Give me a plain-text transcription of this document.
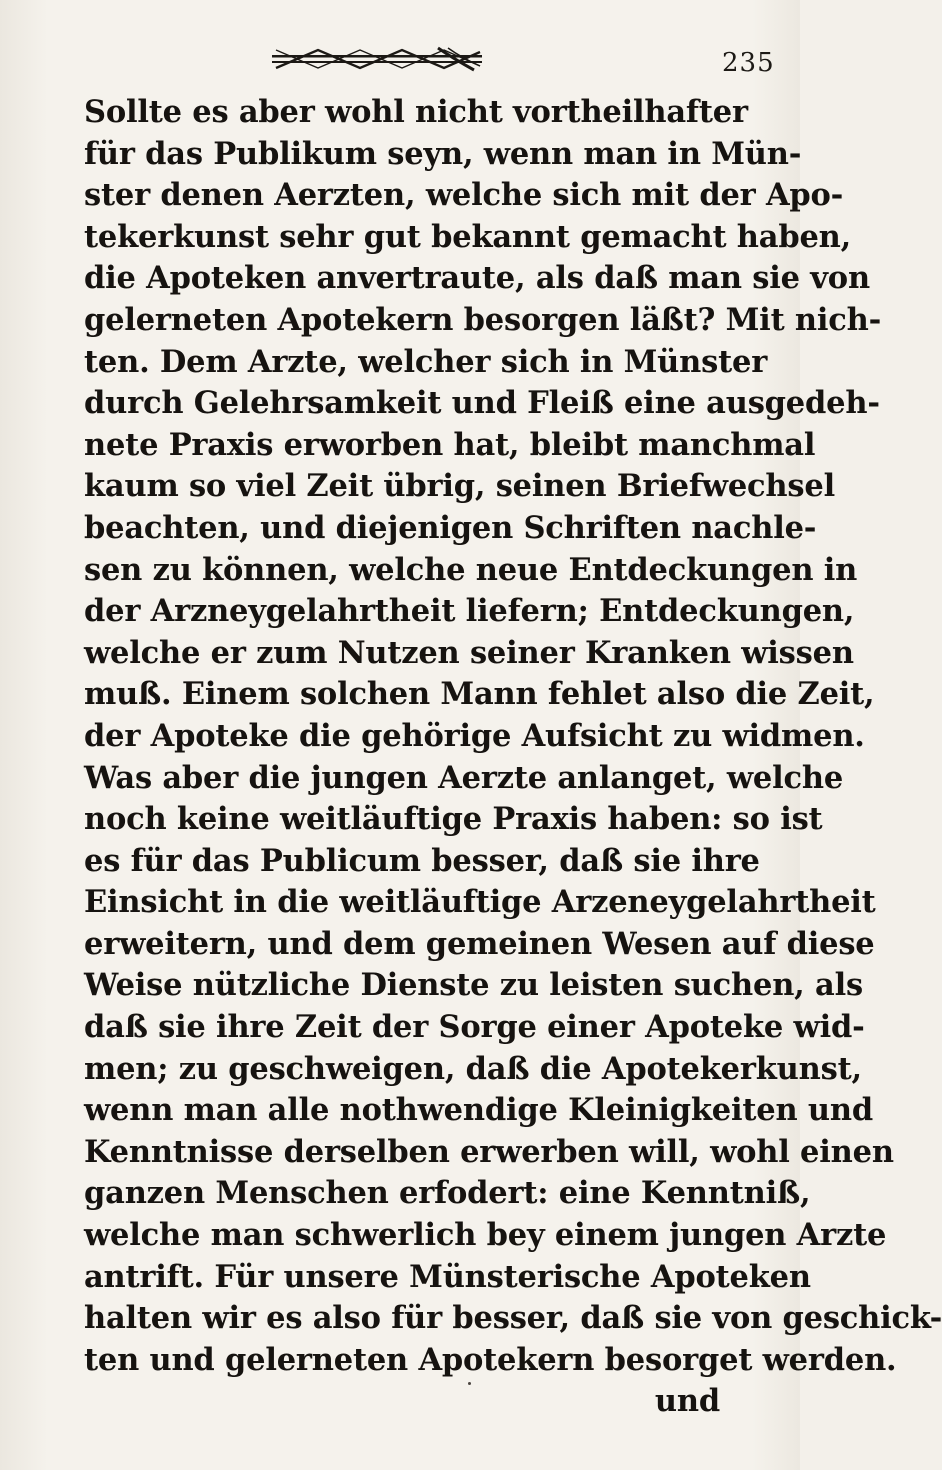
235
Sollte es aber wohl nicht vortheilhafter
für das Publikum seyn, wenn man in Mün-
ster denen Aerzten, welche sich mit der Apo-
tekerkunst sehr gut bekannt gemacht haben,
die Apoteken anvertraute, als daß man sie von
gelerneten Apotekern besorgen läßt? Mit nich-
ten. Dem Arzte, welcher sich in Münster
durch Gelehrsamkeit und Fleiß eine ausgedeh-
nete Praxis erworben hat, bleibt manchmal
kaum so viel Zeit übrig, seinen Briefwechsel
beachten, und diejenigen Schriften nachle-
sen zu können, welche neue Entdeckungen in
der Arzneygelahrtheit liefern; Entdeckungen,
welche er zum Nutzen seiner Kranken wissen
muß. Einem solchen Mann fehlet also die Zeit,
der Apoteke die gehörige Aufsicht zu widmen.
Was aber die jungen Aerzte anlanget, welche
noch keine weitläuftige Praxis haben: so ist
es für das Publicum besser, daß sie ihre
Einsicht in die weitläuftige Arzeneygelahrtheit
erweitern, und dem gemeinen Wesen auf diese
Weise nützliche Dienste zu leisten suchen, als
daß sie ihre Zeit der Sorge einer Apoteke wid-
men; zu geschweigen, daß die Apotekerkunst,
wenn man alle nothwendige Kleinigkeiten und
Kenntnisse derselben erwerben will, wohl einen
ganzen Menschen erfodert: eine Kenntniß,
welche man schwerlich bey einem jungen Arzte
antrift. Für unsere Münsterische Apoteken
halten wir es also für besser, daß sie von geschick-
ten und gelerneten Apotekern besorget werden.
und
